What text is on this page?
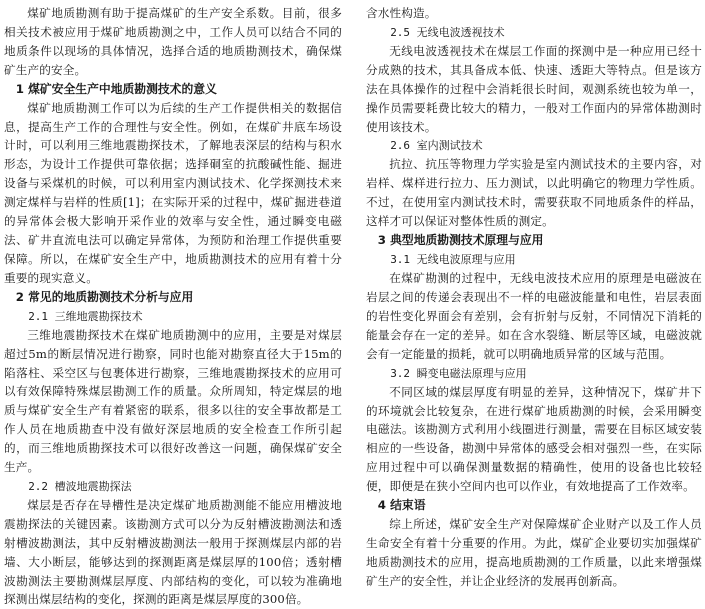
煤矿地质勘测有助于提高煤矿的生产安全系数。目前，很多相关技术被应用于煤矿地质勘测之中，工作人员可以结合不同的地质条件以现场的具体情况，选择合适的地质勘测技术，确保煤矿生产的安全。

1 煤矿安全生产中地质勘测技术的意义

煤矿地质勘测工作可以为后续的生产工作提供相关的数据信息，提高生产工作的合理性与安全性。例如，在煤矿井底车场设计时，可以利用三维地震勘探技术，了解地表深层的结构与积水形态，为设计工作提供可靠依据；选择硐室的抗酸碱性能、掘进设备与采煤机的时候，可以利用室内测试技术、化学探测技术来测定煤样与岩样的性质[1]；在实际开采的过程中，煤矿掘进巷道的异常体会极大影响开采作业的效率与安全性，通过瞬变电磁法、矿井直流电法可以确定异常体，为预防和治理工作提供重要保障。所以，在煤矿安全生产中，地质勘测技术的应用有着十分重要的现实意义。

2 常见的地质勘测技术分析与应用

2.1 三维地震勘探技术

三维地震勘探技术在煤矿地质勘测中的应用，主要是对煤层超过5m的断层情况进行勘察，同时也能对勘察直径大于15m的陷落柱、采空区与包裹体进行勘察，三维地震勘探技术的应用可以有效保障特殊煤层勘测工作的质量。众所周知，特定煤层的地质与煤矿安全生产有着紧密的联系，很多以往的安全事故都是工作人员在地质勘查中没有做好深层地质的安全检查工作所引起的，而三维地质勘探技术可以很好改善这一问题，确保煤矿安全生产。

2.2 槽波地震勘探法

煤层是否存在导槽性是决定煤矿地质勘测能不能应用槽波地震勘探法的关键因素。该勘测方式可以分为反射槽波勘测法和透射槽波勘测法，其中反射槽波勘测法一般用于探测煤层内部的岩墙、大小断层，能够达到的探测距离是煤层厚的100倍；透射槽波勘测法主要勘测煤层厚度、内部结构的变化，可以较为准确地探测出煤层结构的变化，探测的距离是煤层厚度的300倍。

含水性构造。

2.5 无线电波透视技术

无线电波透视技术在煤层工作面的探测中是一种应用已经十分成熟的技术，其具备成本低、快速、透距大等特点。但是该方法在具体操作的过程中会消耗很长时间，观测系统也较为单一，操作员需要耗费比较大的精力，一般对工作面内的异常体勘测时使用该技术。

2.6 室内测试技术

抗拉、抗压等物理力学实验是室内测试技术的主要内容，对岩样、煤样进行拉力、压力测试，以此明确它的物理力学性质。不过，在使用室内测试技术时，需要获取不同地质条件的样品，这样才可以保证对整体性质的测定。

3 典型地质勘测技术原理与应用

3.1 无线电波原理与应用

在煤矿勘测的过程中，无线电波技术应用的原理是电磁波在岩层之间的传递会表现出不一样的电磁波能量和电性，岩层表面的岩性变化界面会有差别，会有折射与反射，不同情况下消耗的能量会存在一定的差异。如在含水裂缝、断层等区域，电磁波就会有一定能量的损耗，就可以明确地质异常的区域与范围。

3.2 瞬变电磁法原理与应用

不同区域的煤层厚度有明显的差异，这种情况下，煤矿井下的环境就会比较复杂，在进行煤矿地质勘测的时候，会采用瞬变电磁法。该勘测方式利用小线圈进行测量，需要在目标区域安装相应的一些设备，勘测中异常体的感受会相对强烈一些，在实际应用过程中可以确保测量数据的精确性，使用的设备也比较轻便，即便是在狭小空间内也可以作业，有效地提高了工作效率。

4 结束语

综上所述，煤矿安全生产对保障煤矿企业财产以及工作人员生命安全有着十分重要的作用。为此，煤矿企业要切实加强煤矿地质勘测技术的应用，提高地质勘测的工作质量，以此来增强煤矿生产的安全性，并让企业经济的发展再创新高。
